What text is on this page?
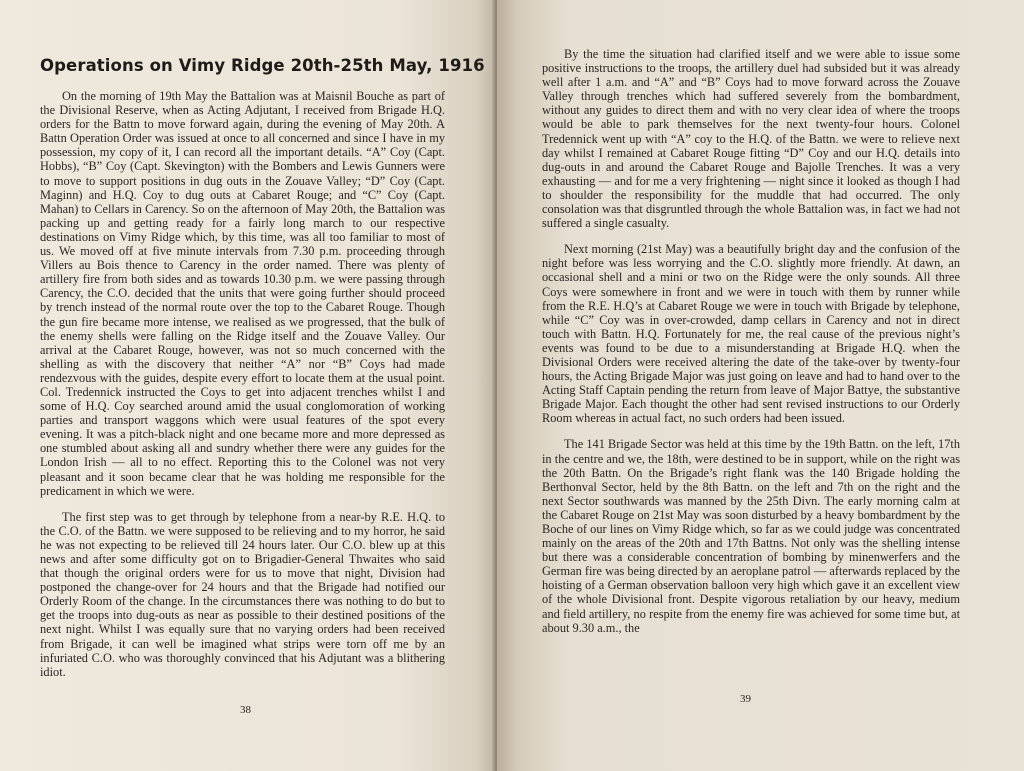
Operations on Vimy Ridge 20th-25th May, 1916

On the morning of 19th May the Battalion was at Maisnil Bouche as part of the Divisional Reserve, when as Acting Adjutant, I received from Brigade H.Q. orders for the Battn to move forward again, during the evening of May 20th. A Battn Operation Order was issued at once to all concerned and since I have in my possession, my copy of it, I can record all the important details. “A” Coy (Capt. Hobbs), “B” Coy (Capt. Skevington) with the Bombers and Lewis Gunners were to move to support positions in dug outs in the Zouave Valley; “D” Coy (Capt. Maginn) and H.Q. Coy to dug outs at Cabaret Rouge; and “C” Coy (Capt. Mahan) to Cellars in Carency. So on the afternoon of May 20th, the Battalion was packing up and getting ready for a fairly long march to our respective destinations on Vimy Ridge which, by this time, was all too familiar to most of us. We moved off at five minute intervals from 7.30 p.m. proceeding through Villers au Bois thence to Carency in the order named. There was plenty of artillery fire from both sides and as towards 10.30 p.m. we were passing through Carency, the C.O. decided that the units that were going further should proceed by trench instead of the normal route over the top to the Cabaret Rouge. Though the gun fire became more intense, we realised as we progressed, that the bulk of the enemy shells were falling on the Ridge itself and the Zouave Valley. Our arrival at the Cabaret Rouge, however, was not so much concerned with the shelling as with the discovery that neither “A” nor “B” Coys had made rendezvous with the guides, despite every effort to locate them at the usual point. Col. Tredennick instructed the Coys to get into adjacent trenches whilst I and some of H.Q. Coy searched around amid the usual conglomoration of working parties and transport waggons which were usual features of the spot every evening. It was a pitch-black night and one became more and more depressed as one stumbled about asking all and sundry whether there were any guides for the London Irish — all to no effect. Reporting this to the Colonel was not very pleasant and it soon became clear that he was holding me responsible for the predicament in which we were.

The first step was to get through by telephone from a near-by R.E. H.Q. to the C.O. of the Battn. we were supposed to be relieving and to my horror, he said he was not expecting to be relieved till 24 hours later. Our C.O. blew up at this news and after some difficulty got on to Brigadier-General Thwaites who said that though the original orders were for us to move that night, Division had postponed the change-over for 24 hours and that the Brigade had notified our Orderly Room of the change. In the circumstances there was nothing to do but to get the troops into dug-outs as near as possible to their destined positions of the next night. Whilst I was equally sure that no varying orders had been received from Brigade, it can well be imagined what strips were torn off me by an infuriated C.O. who was thoroughly convinced that his Adjutant was a blithering idiot.

38

By the time the situation had clarified itself and we were able to issue some positive instructions to the troops, the artillery duel had subsided but it was already well after 1 a.m. and “A” and “B” Coys had to move forward across the Zouave Valley through trenches which had suffered severely from the bombardment, without any guides to direct them and with no very clear idea of where the troops would be able to park themselves for the next twenty-four hours. Colonel Tredennick went up with “A” coy to the H.Q. of the Battn. we were to relieve next day whilst I remained at Cabaret Rouge fitting “D” Coy and our H.Q. details into dug-outs in and around the Cabaret Rouge and Bajolle Trenches. It was a very exhausting — and for me a very frightening — night since it looked as though I had to shoulder the responsibility for the muddle that had occurred. The only consolation was that disgruntled through the whole Battalion was, in fact we had not suffered a single casualty.

Next morning (21st May) was a beautifully bright day and the confusion of the night before was less worrying and the C.O. slightly more friendly. At dawn, an occasional shell and a mini or two on the Ridge were the only sounds. All three Coys were somewhere in front and we were in touch with them by runner while from the R.E. H.Q’s at Cabaret Rouge we were in touch with Brigade by telephone, while “C” Coy was in over-crowded, damp cellars in Carency and not in direct touch with Battn. H.Q. Fortunately for me, the real cause of the previous night’s events was found to be due to a misunderstanding at Brigade H.Q. when the Divisional Orders were received altering the date of the take-over by twenty-four hours, the Acting Brigade Major was just going on leave and had to hand over to the Acting Staff Captain pending the return from leave of Major Battye, the substantive Brigade Major. Each thought the other had sent revised instructions to our Orderly Room whereas in actual fact, no such orders had been issued.

The 141 Brigade Sector was held at this time by the 19th Battn. on the left, 17th in the centre and we, the 18th, were destined to be in support, while on the right was the 20th Battn. On the Brigade’s right flank was the 140 Brigade holding the Berthonval Sector, held by the 8th Battn. on the left and 7th on the right and the next Sector southwards was manned by the 25th Divn. The early morning calm at the Cabaret Rouge on 21st May was soon disturbed by a heavy bombardment by the Boche of our lines on Vimy Ridge which, so far as we could judge was concentrated mainly on the areas of the 20th and 17th Battns. Not only was the shelling intense but there was a considerable concentration of bombing by minenwerfers and the German fire was being directed by an aeroplane patrol — afterwards replaced by the hoisting of a German observation balloon very high which gave it an excellent view of the whole Divisional front. Despite vigorous retaliation by our heavy, medium and field artillery, no respite from the enemy fire was achieved for some time but, at about 9.30 a.m., the

39
